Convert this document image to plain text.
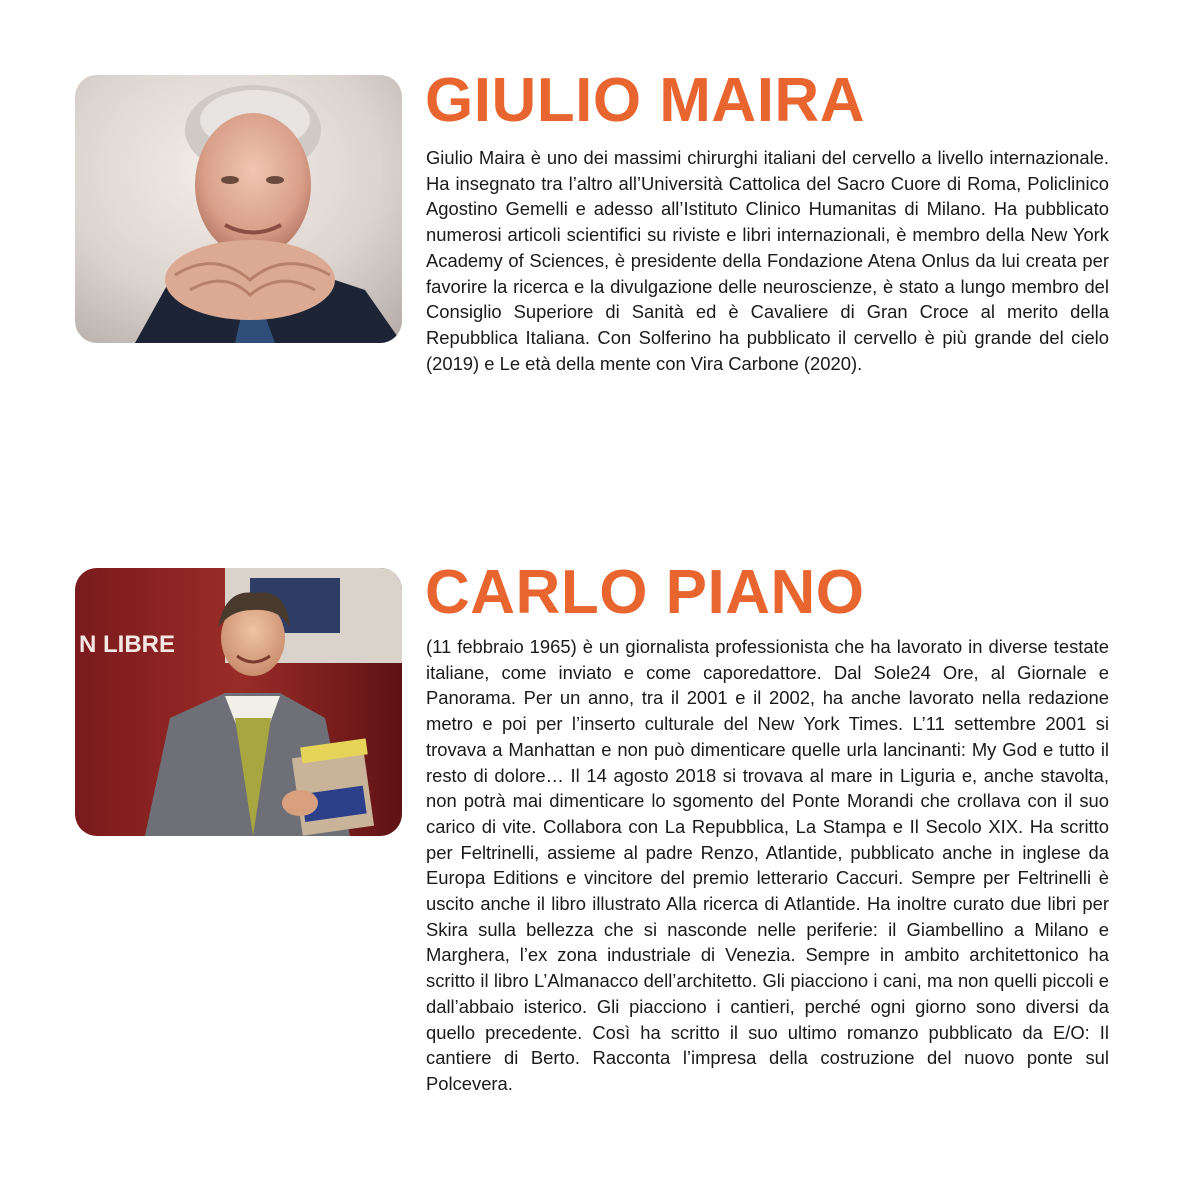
GIULIO MAIRA

Giulio Maira è uno dei massimi chirurghi italiani del cervello a livello internazionale. Ha insegnato tra l’altro all’Università Cattolica del Sacro Cuore di Roma, Policlinico Agostino Gemelli e adesso all’Istituto Clinico Humanitas di Milano. Ha pubblicato numerosi articoli scientifici su riviste e libri internazionali, è membro della New York Academy of Sciences, è presidente della Fondazione Atena Onlus da lui creata per favorire la ricerca e la divulgazione delle neuroscienze, è stato a lungo membro del Consiglio Superiore di Sanità ed è Cavaliere di Gran Croce al merito della Repubblica Italiana. Con Solferino ha pubblicato il cervello è più grande del cielo (2019) e Le età della mente con Vira Carbone (2020).

N LIBRE
CARLO PIANO

(11 febbraio 1965) è un giornalista professionista che ha lavorato in diverse testate italiane, come inviato e come caporedattore. Dal Sole24 Ore, al Giornale e Panorama. Per un anno, tra il 2001 e il 2002, ha anche lavorato nella redazione metro e poi per l’inserto culturale del New York Times. L’11 settembre 2001 si trovava a Manhattan e non può dimenticare quelle urla lancinanti: My God e tutto il resto di dolore… Il 14 agosto 2018 si trovava al mare in Liguria e, anche stavolta, non potrà mai dimenticare lo sgomento del Ponte Morandi che crollava con il suo carico di vite. Collabora con La Repubblica, La Stampa e Il Secolo XIX. Ha scritto per Feltrinelli, assieme al padre Renzo, Atlantide, pubblicato anche in inglese da Europa Editions e vincitore del premio letterario Caccuri. Sempre per Feltrinelli è uscito anche il libro illustrato Alla ricerca di Atlantide. Ha inoltre curato due libri per Skira sulla bellezza che si nasconde nelle periferie: il Giambellino a Milano e Marghera, l’ex zona industriale di Venezia. Sempre in ambito architettonico ha scritto il libro L’Almanacco dell’architetto. Gli piacciono i cani, ma non quelli piccoli e dall’abbaio isterico. Gli piacciono i cantieri, perché ogni giorno sono diversi da quello precedente. Così ha scritto il suo ultimo romanzo pubblicato da E/O: Il cantiere di Berto. Racconta l’impresa della costruzione del nuovo ponte sul Polcevera.
